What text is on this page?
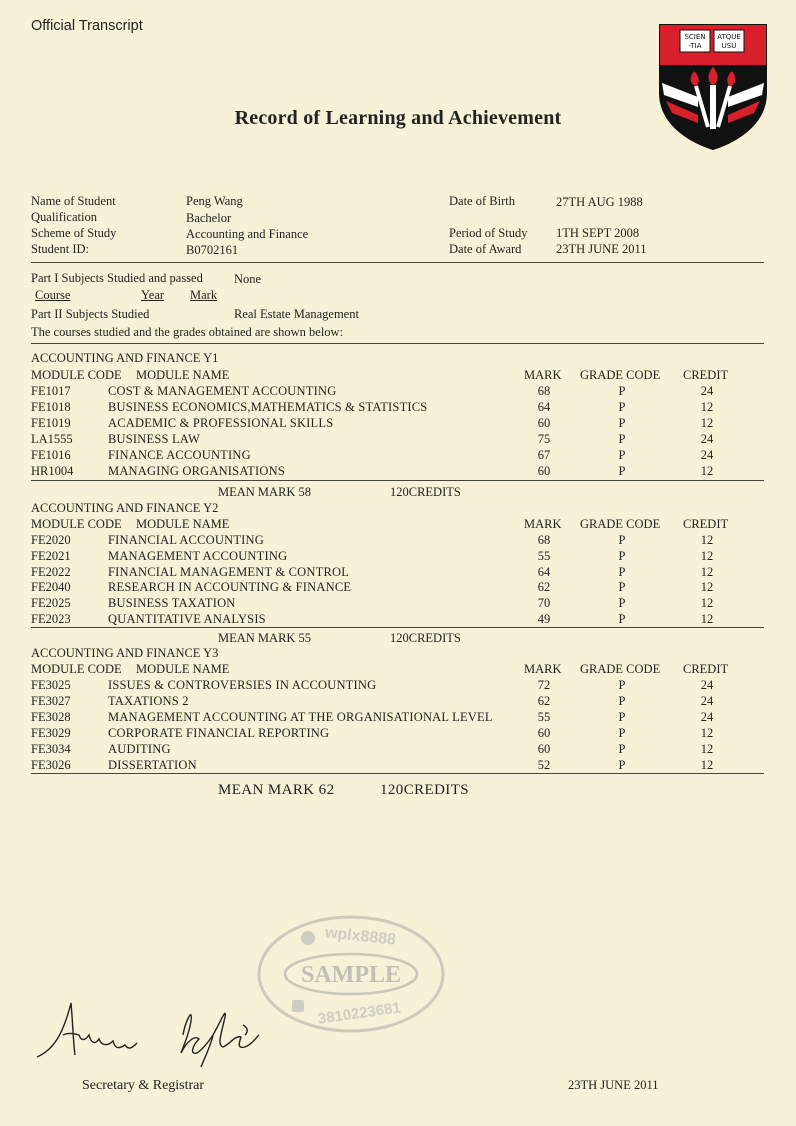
Official Transcript
Record of Learning and Achievement
SCIEN
-TIA
ATQUE
USU
Name of Student	Peng Wang
Qualification	Bachelor
Scheme of Study	Accounting and Finance
Student ID:	B0702161
Date of Birth	27TH AUG 1988
Period of Study 1TH SEPT 2008
Date of Award	23TH JUNE 2011
Part I Subjects Studied and passed None
Course	Year Mark
Part II Subjects Studied	Real Estate Management
The courses studied and the grades obtained are shown below:
ACCOUNTING AND FINANCE Y1
MODULE CODE MODULE NAME	MARK GRADE CODE CREDIT
FE1017	COST & MANAGEMENT ACCOUNTING	68	P	24
FE1018	BUSINESS ECONOMICS,MATHEMATICS & STATISTICS	64	P	12
FE1019	ACADEMIC & PROFESSIONAL SKILLS	60	P	12
LA1555	BUSINESS LAW	75	P	24
FE1016	FINANCE ACCOUNTING	67	P	24
HR1004	MANAGING ORGANISATIONS	60	P	12
MEAN MARK 58	120CREDITS
ACCOUNTING AND FINANCE Y2
MODULE CODE MODULE NAME	MARK GRADE CODE CREDIT
FE2020	FINANCIAL ACCOUNTING	68	P	12
FE2021	MANAGEMENT ACCOUNTING	55	P	12
FE2022	FINANCIAL MANAGEMENT & CONTROL	64	P	12
FE2040	RESEARCH IN ACCOUNTING & FINANCE	62	P	12
FE2025	BUSINESS TAXATION	70	P	12
FE2023	QUANTITATIVE ANALYSIS	49	P	12
MEAN MARK 55	120CREDITS
ACCOUNTING AND FINANCE Y3
MODULE CODE MODULE NAME	MARK GRADE CODE CREDIT
FE3025	ISSUES & CONTROVERSIES IN ACCOUNTING	72	P	24
FE3027	TAXATIONS 2	62	P	24
FE3028	MANAGEMENT ACCOUNTING AT THE ORGANISATIONAL LEVEL	55	P	24
FE3029	CORPORATE FINANCIAL REPORTING	60	P	12
FE3034	AUDITING	60	P	12
FE3026	DISSERTATION	52	P	12
MEAN MARK 62	120CREDITS
wplx8888
SAMPLE
3810223681
Secretary & Registrar	23TH JUNE 2011
